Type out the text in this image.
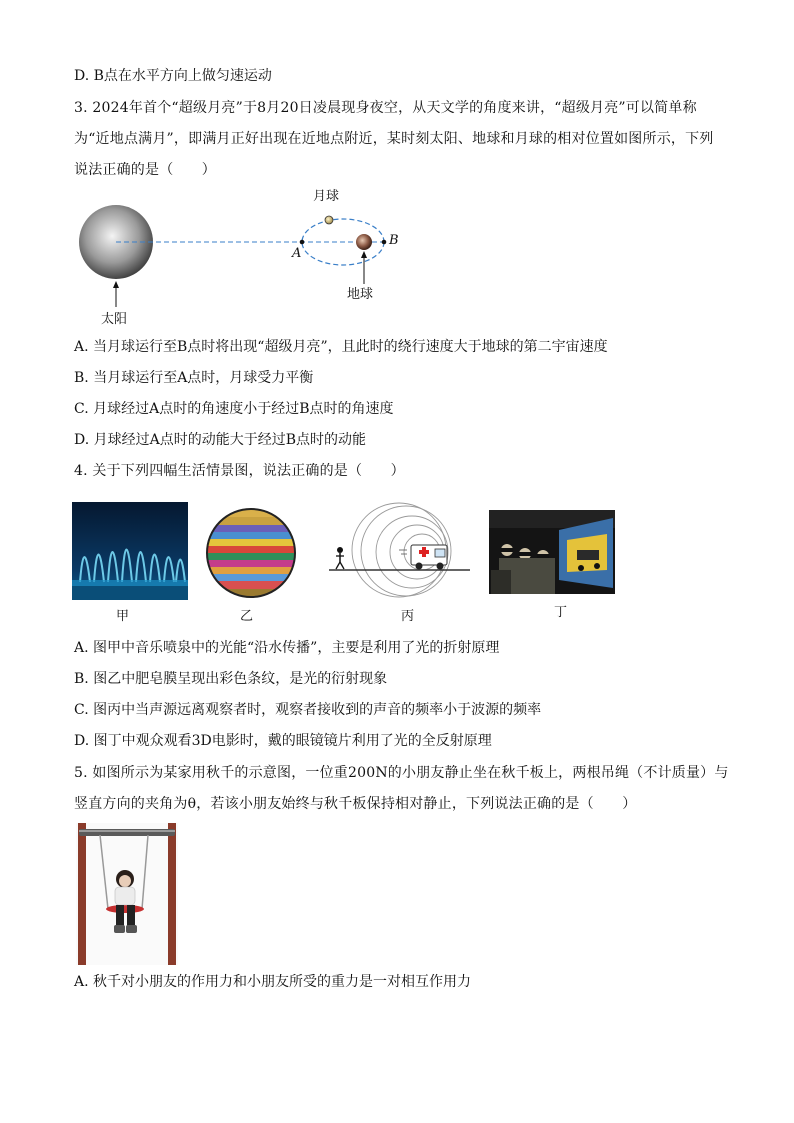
D. B点在水平方向上做匀速运动
3. 2024年首个“超级月亮”于8月20日凌晨现身夜空，从天文学的角度来讲，“超级月亮”可以简单称
为“近地点满月”，即满月正好出现在近地点附近，某时刻太阳、地球和月球的相对位置如图所示，下列
说法正确的是（　　）
月球
地球
太阳
A
B
A. 当月球运行至B点时将出现“超级月亮”，且此时的绕行速度大于地球的第二宇宙速度
B. 当月球运行至A点时，月球受力平衡
C. 月球经过A点时的角速度小于经过B点时的角速度
D. 月球经过A点时的动能大于经过B点时的动能
4. 关于下列四幅生活情景图，说法正确的是（　　）
甲	乙	丙	丁
A. 图甲中音乐喷泉中的光能“沿水传播”，主要是利用了光的折射原理
B. 图乙中肥皂膜呈现出彩色条纹，是光的衍射现象
C. 图丙中当声源远离观察者时，观察者接收到的声音的频率小于波源的频率
D. 图丁中观众观看3D电影时，戴的眼镜镜片利用了光的全反射原理
5. 如图所示为某家用秋千的示意图，一位重200N的小朋友静止坐在秋千板上，两根吊绳（不计质量）与
竖直方向的夹角为θ，若该小朋友始终与秋千板保持相对静止，下列说法正确的是（　　）
A. 秋千对小朋友的作用力和小朋友所受的重力是一对相互作用力
